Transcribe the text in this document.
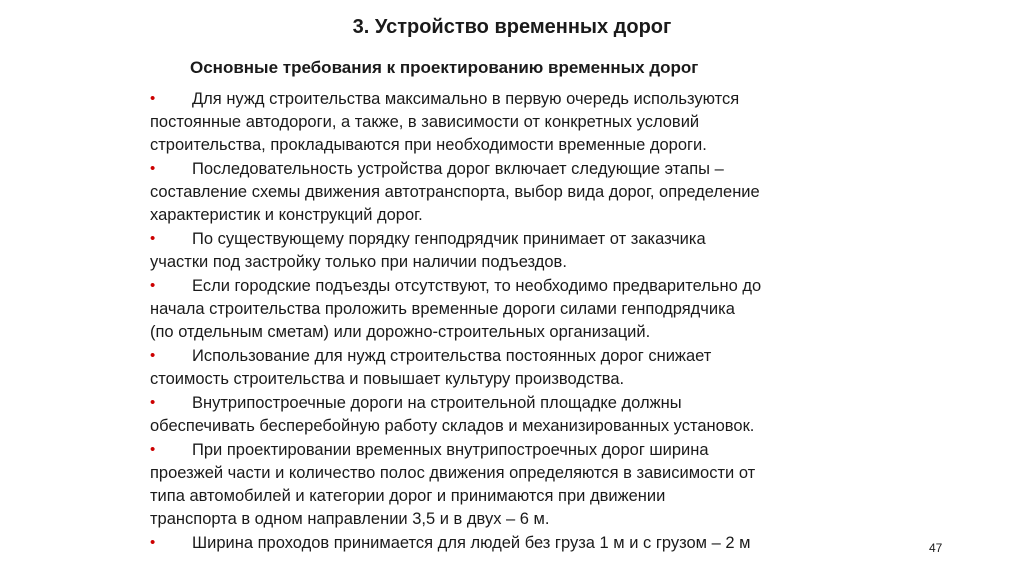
3. Устройство временных дорог
Основные требования к проектированию временных дорог
• Для нужд строительства максимально в первую очередь используются
постоянные автодороги, а также, в зависимости от конкретных условий
строительства, прокладываются при необходимости временные дороги.
• Последовательность устройства дорог включает следующие этапы –
составление схемы движения автотранспорта, выбор вида дорог, определение
характеристик и конструкций дорог.
• По существующему порядку генподрядчик принимает от заказчика
участки под застройку только при наличии подъездов.
• Если городские подъезды отсутствуют, то необходимо предварительно до
начала строительства проложить временные дороги силами генподрядчика
(по отдельным сметам) или дорожно-строительных организаций.
• Использование для нужд строительства постоянных дорог снижает
стоимость строительства и повышает культуру производства.
• Внутрипостроечные дороги на строительной площадке должны
обеспечивать бесперебойную работу складов и механизированных установок.
• При проектировании временных внутрипостроечных дорог ширина
проезжей части и количество полос движения определяются в зависимости от
типа автомобилей и категории дорог и принимаются при движении
транспорта в одном направлении 3,5 и в двух – 6 м.
• Ширина проходов принимается для людей без груза 1 м и с грузом – 2 м	47
